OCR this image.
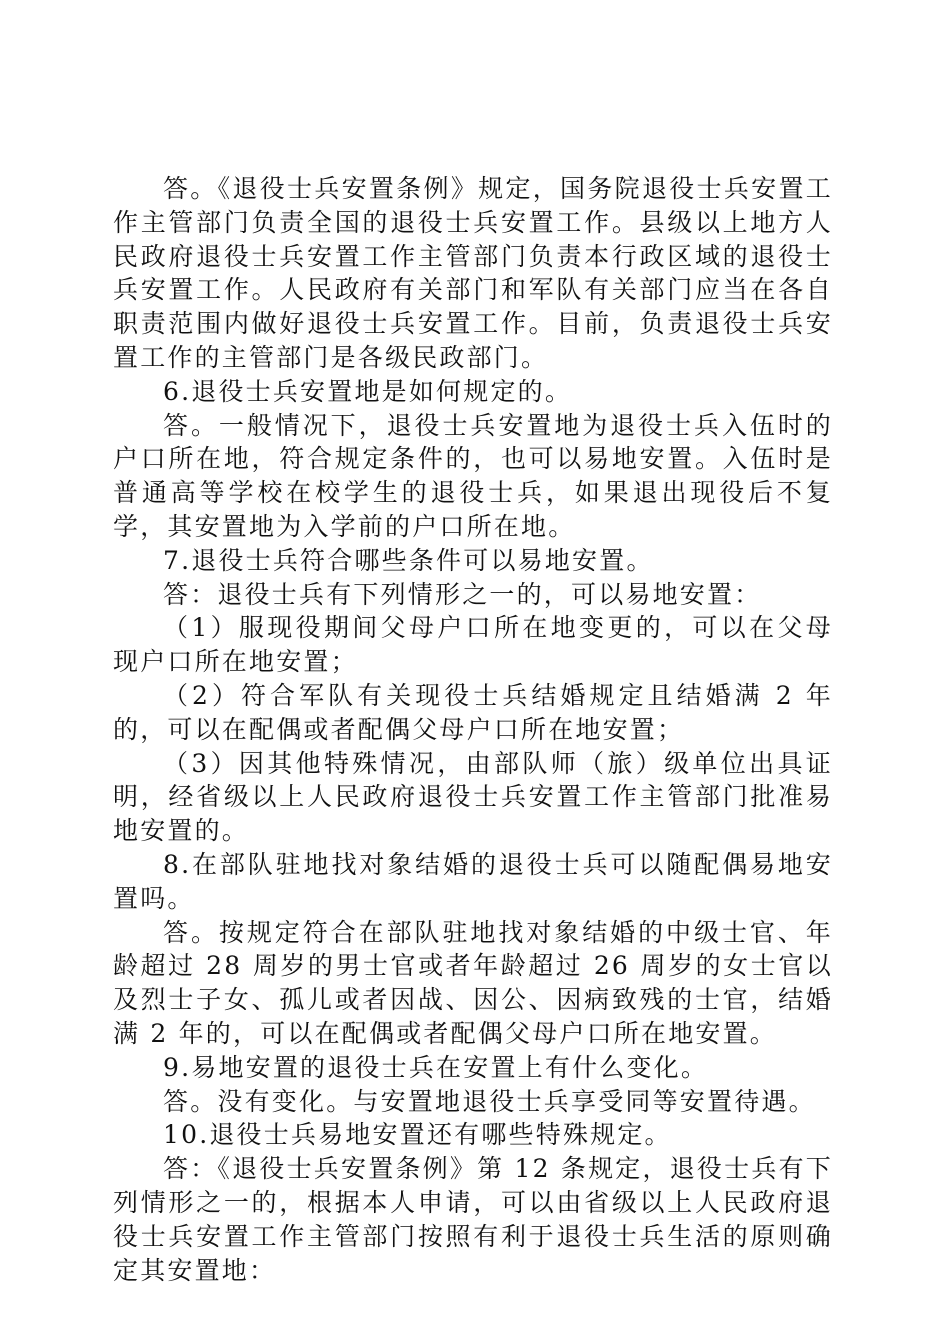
答。《退役士兵安置条例》规定，国务院退役士兵安置工作主管部门负责全国的退役士兵安置工作。县级以上地方人民政府退役士兵安置工作主管部门负责本行政区域的退役士兵安置工作。人民政府有关部门和军队有关部门应当在各自职责范围内做好退役士兵安置工作。目前，负责退役士兵安置工作的主管部门是各级民政部门。

6.退役士兵安置地是如何规定的。

答。一般情况下，退役士兵安置地为退役士兵入伍时的户口所在地，符合规定条件的，也可以易地安置。入伍时是普通高等学校在校学生的退役士兵，如果退出现役后不复学，其安置地为入学前的户口所在地。

7.退役士兵符合哪些条件可以易地安置。

答：退役士兵有下列情形之一的，可以易地安置：

（1）服现役期间父母户口所在地变更的，可以在父母现户口所在地安置；

（2）符合军队有关现役士兵结婚规定且结婚满 2 年的，可以在配偶或者配偶父母户口所在地安置；

（3）因其他特殊情况，由部队师（旅）级单位出具证明，经省级以上人民政府退役士兵安置工作主管部门批准易地安置的。

8.在部队驻地找对象结婚的退役士兵可以随配偶易地安置吗。

答。按规定符合在部队驻地找对象结婚的中级士官、年龄超过 28 周岁的男士官或者年龄超过 26 周岁的女士官以及烈士子女、孤儿或者因战、因公、因病致残的士官，结婚满 2 年的，可以在配偶或者配偶父母户口所在地安置。

9.易地安置的退役士兵在安置上有什么变化。

答。没有变化。与安置地退役士兵享受同等安置待遇。

10.退役士兵易地安置还有哪些特殊规定。

答：《退役士兵安置条例》第 12 条规定，退役士兵有下列情形之一的，根据本人申请，可以由省级以上人民政府退役士兵安置工作主管部门按照有利于退役士兵生活的原则确定其安置地：
